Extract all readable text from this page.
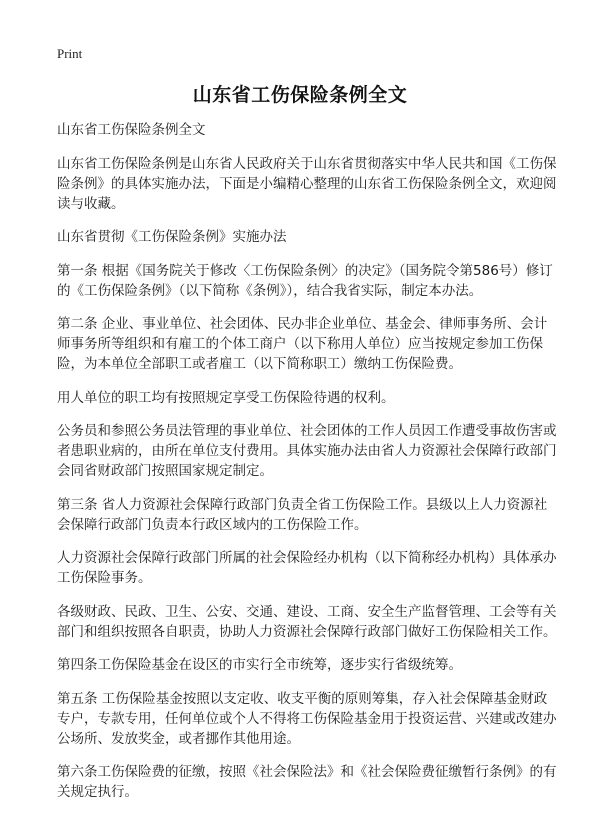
Print
山东省工伤保险条例全文

山东省工伤保险条例全文

山东省工伤保险条例是山东省人民政府关于山东省贯彻落实中华人民共和国《工伤保险条例》的具体实施办法，下面是小编精心整理的山东省工伤保险条例全文，欢迎阅读与收藏。

山东省贯彻《工伤保险条例》实施办法

第一条 根据《国务院关于修改〈工伤保险条例〉的决定》（国务院令第586号）修订的《工伤保险条例》（以下简称《条例》），结合我省实际，制定本办法。

第二条 企业、事业单位、社会团体、民办非企业单位、基金会、律师事务所、会计师事务所等组织和有雇工的个体工商户（以下称用人单位）应当按规定参加工伤保险，为本单位全部职工或者雇工（以下简称职工）缴纳工伤保险费。

用人单位的职工均有按照规定享受工伤保险待遇的权利。

公务员和参照公务员法管理的事业单位、社会团体的工作人员因工作遭受事故伤害或者患职业病的，由所在单位支付费用。具体实施办法由省人力资源社会保障行政部门会同省财政部门按照国家规定制定。

第三条 省人力资源社会保障行政部门负责全省工伤保险工作。县级以上人力资源社会保障行政部门负责本行政区域内的工伤保险工作。

人力资源社会保障行政部门所属的社会保险经办机构（以下简称经办机构）具体承办工伤保险事务。

各级财政、民政、卫生、公安、交通、建设、工商、安全生产监督管理、工会等有关部门和组织按照各自职责，协助人力资源社会保障行政部门做好工伤保险相关工作。

第四条工伤保险基金在设区的市实行全市统筹，逐步实行省级统筹。

第五条 工伤保险基金按照以支定收、收支平衡的原则筹集，存入社会保障基金财政专户，专款专用，任何单位或个人不得将工伤保险基金用于投资运营、兴建或改建办公场所、发放奖金，或者挪作其他用途。

第六条工伤保险费的征缴，按照《社会保险法》和《社会保险费征缴暂行条例》的有关规定执行。
